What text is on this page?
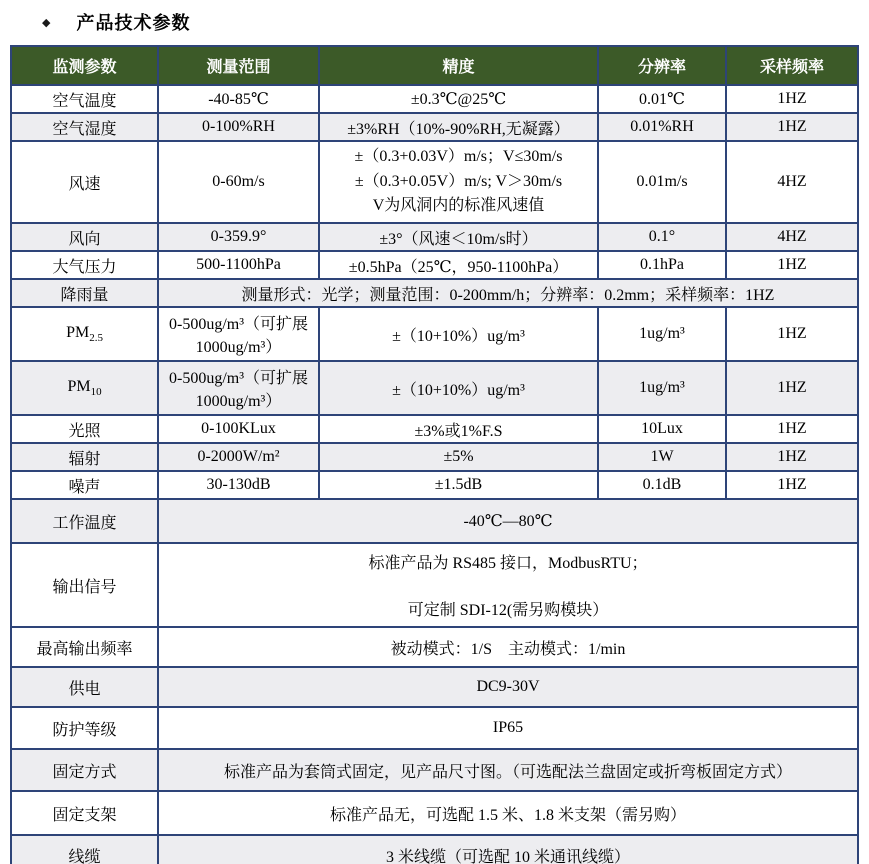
◆ 产品技术参数
监测参数	测量范围	精度	分辨率	采样频率
空气温度	-40-85℃	±0.3℃@25℃	0.01℃	1HZ
空气湿度	0-100%RH	±3%RH（10%-90%RH,无凝露）	0.01%RH	1HZ
风速	0-60m/s	±（0.3+0.03V）m/s；V≤30m/s
±（0.3+0.05V）m/s; V＞30m/s
V为风洞内的标准风速值	0.01m/s	4HZ
风向	0-359.9°	±3°（风速＜10m/s时）	0.1°	4HZ
大气压力	500-1100hPa	±0.5hPa（25℃，950-1100hPa）	0.1hPa	1HZ
降雨量	测量形式：光学；测量范围：0-200mm/h；分辨率：0.2mm；采样频率：1HZ			
$PM_{2.5}$	0-500ug/m³（可扩展1000ug/m³）	±（10+10%）ug/m³	1ug/m³	1HZ
$PM_{10}$	0-500ug/m³（可扩展1000ug/m³）	±（10+10%）ug/m³	1ug/m³	1HZ
光照	0-100KLux	±3%或1%F.S	10Lux	1HZ
辐射	0-2000W/m²	±5%	1W	1HZ
噪声	30-130dB	±1.5dB	0.1dB	1HZ
工作温度	-40℃—80℃			
输出信号	标准产品为 RS485 接口，ModbusRTU；
可定制 SDI-12(需另购模块）			

最高输出频率	被动模式：1/S　主动模式：1/min			
供电	DC9-30V			
防护等级	IP65			
固定方式	标准产品为套筒式固定，见产品尺寸图。（可选配法兰盘固定或折弯板固定方式）			
固定支架	标准产品无，可选配 1.5 米、1.8 米支架（需另购）			
线缆	3 米线缆（可选配 10 米通讯线缆）			
